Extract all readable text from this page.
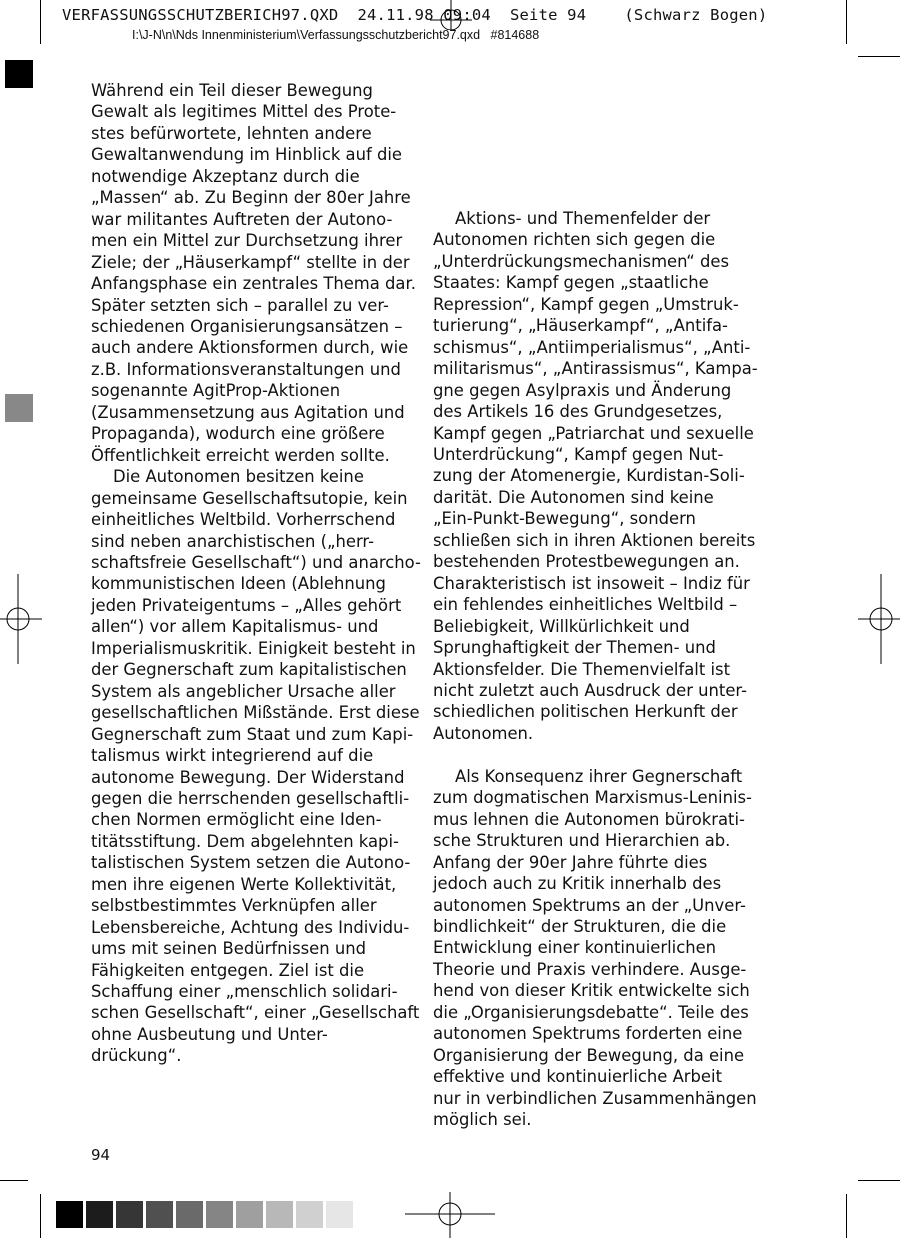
VERFASSUNGSSCHUTZBERICH97.QXD  24.11.98 09:04  Seite 94    (Schwarz Bogen)
I:\J-N\n\Nds Innenministerium\Verfassungsschutzbericht97.qxd   #814688
Während ein Teil dieser Bewegung
Gewalt als legitimes Mittel des Prote-
stes befürwortete, lehnten andere
Gewaltanwendung im Hinblick auf die
notwendige Akzeptanz durch die
„Massen“ ab. Zu Beginn der 80er Jahre
war militantes Auftreten der Autono-
men ein Mittel zur Durchsetzung ihrer
Ziele; der „Häuserkampf“ stellte in der
Anfangsphase ein zentrales Thema dar.
Später setzten sich – parallel zu ver-
schiedenen Organisierungsansätzen –
auch andere Aktionsformen durch, wie
z.B. Informationsveranstaltungen und
sogenannte AgitProp-Aktionen
(Zusammensetzung aus Agitation und
Propaganda), wodurch eine größere
Öffentlichkeit erreicht werden sollte.
Die Autonomen besitzen keine
gemeinsame Gesellschaftsutopie, kein
einheitliches Weltbild. Vorherrschend
sind neben anarchistischen („herr-
schaftsfreie Gesellschaft“) und anarcho-
kommunistischen Ideen (Ablehnung
jeden Privateigentums – „Alles gehört
allen“) vor allem Kapitalismus- und
Imperialismuskritik. Einigkeit besteht in
der Gegnerschaft zum kapitalistischen
System als angeblicher Ursache aller
gesellschaftlichen Mißstände. Erst diese
Gegnerschaft zum Staat und zum Kapi-
talismus wirkt integrierend auf die
autonome Bewegung. Der Widerstand
gegen die herrschenden gesellschaftli-
chen Normen ermöglicht eine Iden-
titätsstiftung. Dem abgelehnten kapi-
talistischen System setzen die Autono-
men ihre eigenen Werte Kollektivität,
selbstbestimmtes Verknüpfen aller
Lebensbereiche, Achtung des Individu-
ums mit seinen Bedürfnissen und
Fähigkeiten entgegen. Ziel ist die
Schaffung einer „menschlich solidari-
schen Gesellschaft“, einer „Gesellschaft
ohne Ausbeutung und Unter-
drückung“.
Aktions- und Themenfelder der
Autonomen richten sich gegen die
„Unterdrückungsmechanismen“ des
Staates: Kampf gegen „staatliche
Repression“, Kampf gegen „Umstruk-
turierung“, „Häuserkampf“, „Antifa-
schismus“, „Antiimperialismus“, „Anti-
militarismus“, „Antirassismus“, Kampa-
gne gegen Asylpraxis und Änderung
des Artikels 16 des Grundgesetzes,
Kampf gegen „Patriarchat und sexuelle
Unterdrückung“, Kampf gegen Nut-
zung der Atomenergie, Kurdistan-Soli-
darität. Die Autonomen sind keine
„Ein-Punkt-Bewegung“, sondern
schließen sich in ihren Aktionen bereits
bestehenden Protestbewegungen an.
Charakteristisch ist insoweit – Indiz für
ein fehlendes einheitliches Weltbild –
Beliebigkeit, Willkürlichkeit und
Sprunghaftigkeit der Themen- und
Aktionsfelder. Die Themenvielfalt ist
nicht zuletzt auch Ausdruck der unter-
schiedlichen politischen Herkunft der
Autonomen.

Als Konsequenz ihrer Gegnerschaft
zum dogmatischen Marxismus-Leninis-
mus lehnen die Autonomen bürokrati-
sche Strukturen und Hierarchien ab.
Anfang der 90er Jahre führte dies
jedoch auch zu Kritik innerhalb des
autonomen Spektrums an der „Unver-
bindlichkeit“ der Strukturen, die die
Entwicklung einer kontinuierlichen
Theorie und Praxis verhindere. Ausge-
hend von dieser Kritik entwickelte sich
die „Organisierungsdebatte“. Teile des
autonomen Spektrums forderten eine
Organisierung der Bewegung, da eine
effektive und kontinuierliche Arbeit
nur in verbindlichen Zusammenhängen
möglich sei.
94
